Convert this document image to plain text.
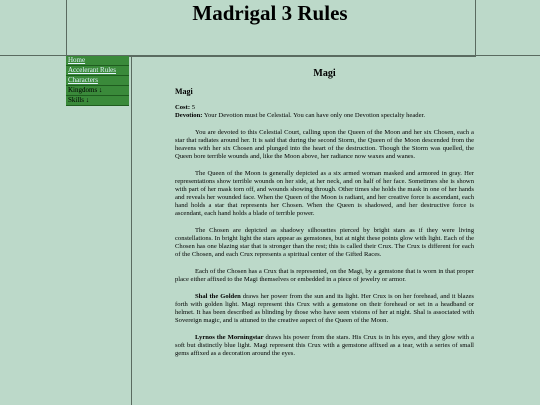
Madrigal 3 Rules
Home
Accelerant Rules
Characters
Kingdoms ↓
Skills ↓
Magi
Magi
Cost: 5
Devotion: Your Devotion must be Celestial. You can have only one Devotion specialty header.

You are devoted to this Celestial Court, calling upon the Queen of the Moon and her six Chosen, each a star that radiates around her. It is said that during the second Storm, the Queen of the Moon descended from the heavens with her six Chosen and plunged into the heart of the destruction. Though the Storm was quelled, the Queen bore terrible wounds and, like the Moon above, her radiance now waxes and wanes.

The Queen of the Moon is generally depicted as a six armed woman masked and armored in gray. Her representations show terrible wounds on her side, at her neck, and on half of her face. Sometimes she is shown with part of her mask torn off, and wounds showing through. Other times she holds the mask in one of her hands and reveals her wounded face. When the Queen of the Moon is radiant, and her creative force is ascendant, each hand holds a star that represents her Chosen. When the Queen is shadowed, and her destructive force is ascendant, each hand holds a blade of terrible power.

The Chosen are depicted as shadowy silhouettes pierced by bright stars as if they were living constellations. In bright light the stars appear as gemstones, but at night these points glow with light. Each of the Chosen has one blazing star that is stronger than the rest; this is called their Crux. The Crux is different for each of the Chosen, and each Crux represents a spiritual center of the Gifted Races.

Each of the Chosen has a Crux that is represented, on the Magi, by a gemstone that is worn in that proper place either affixed to the Magi themselves or embedded in a piece of jewelry or armor.

Shal the Golden draws her power from the sun and its light. Her Crux is on her forehead, and it blazes forth with golden light. Magi represent this Crux with a gemstone on their forehead or set in a headband or helmet. It has been described as blinding by those who have seen visions of her at night. Shal is associated with Sovereign magic, and is attuned to the creative aspect of the Queen of the Moon.

Lyrnos the Morningstar draws his power from the stars. His Crux is in his eyes, and they glow with a soft but distinctly blue light. Magi represent this Crux with a gemstone affixed as a tear, with a series of small gems affixed as a decoration around the eyes.
